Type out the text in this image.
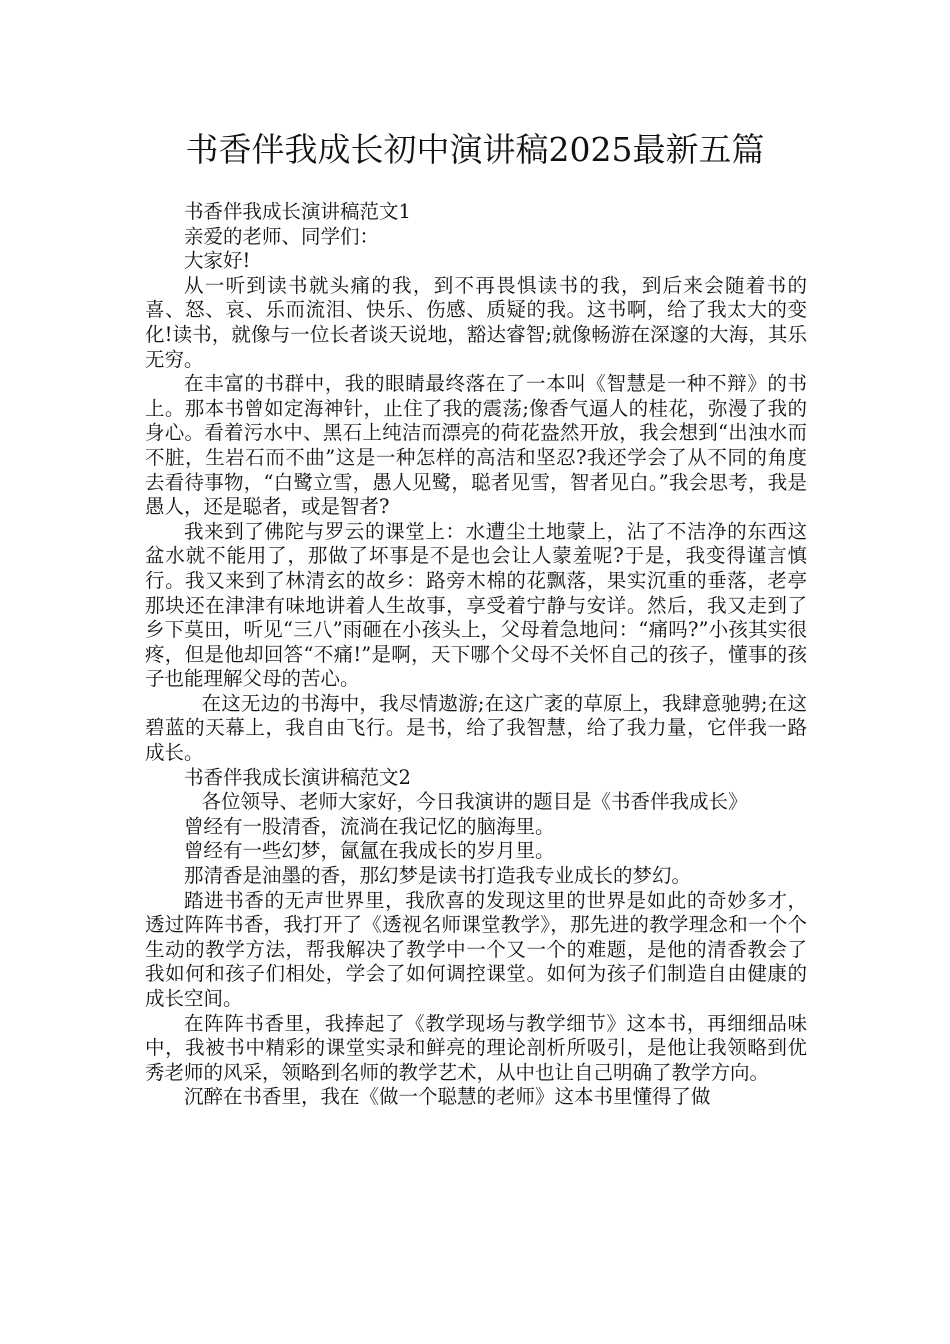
书香伴我成长初中演讲稿2025最新五篇

书香伴我成长演讲稿范文1

亲爱的老师、同学们：

大家好!

从一听到读书就头痛的我，到不再畏惧读书的我，到后来会随着书的喜、怒、哀、乐而流泪、快乐、伤感、质疑的我。这书啊，给了我太大的变化!读书，就像与一位长者谈天说地，豁达睿智;就像畅游在深邃的大海，其乐无穷。

在丰富的书群中，我的眼睛最终落在了一本叫《智慧是一种不辩》的书上。那本书曾如定海神针，止住了我的震荡;像香气逼人的桂花，弥漫了我的身心。看着污水中、黑石上纯洁而漂亮的荷花盎然开放，我会想到“出浊水而不脏，生岩石而不曲”这是一种怎样的高洁和坚忍?我还学会了从不同的角度去看待事物，“白鹭立雪，愚人见鹭，聪者见雪，智者见白。”我会思考，我是愚人，还是聪者，或是智者?

我来到了佛陀与罗云的课堂上：水遭尘土地蒙上，沾了不洁净的东西这盆水就不能用了，那做了坏事是不是也会让人蒙羞呢?于是，我变得谨言慎行。我又来到了林清玄的故乡：路旁木棉的花飘落，果实沉重的垂落，老亭那块还在津津有味地讲着人生故事，享受着宁静与安详。然后，我又走到了乡下莫田，听见“三八”雨砸在小孩头上，父母着急地问：“痛吗?”小孩其实很疼，但是他却回答“不痛!”是啊，天下哪个父母不关怀自己的孩子，懂事的孩子也能理解父母的苦心。

在这无边的书海中，我尽情遨游;在这广袤的草原上，我肆意驰骋;在这碧蓝的天幕上，我自由飞行。是书，给了我智慧，给了我力量，它伴我一路成长。

书香伴我成长演讲稿范文2

各位领导、老师大家好，今日我演讲的题目是《书香伴我成长》

曾经有一股清香，流淌在我记忆的脑海里。

曾经有一些幻梦，氤氲在我成长的岁月里。

那清香是油墨的香，那幻梦是读书打造我专业成长的梦幻。

踏进书香的无声世界里，我欣喜的发现这里的世界是如此的奇妙多才，透过阵阵书香，我打开了《透视名师课堂教学》，那先进的教学理念和一个个生动的教学方法，帮我解决了教学中一个又一个的难题，是他的清香教会了我如何和孩子们相处，学会了如何调控课堂。如何为孩子们制造自由健康的成长空间。

在阵阵书香里，我捧起了《教学现场与教学细节》这本书，再细细品味中，我被书中精彩的课堂实录和鲜亮的理论剖析所吸引，是他让我领略到优秀老师的风采，领略到名师的教学艺术，从中也让自己明确了教学方向。

沉醉在书香里，我在《做一个聪慧的老师》这本书里懂得了做
